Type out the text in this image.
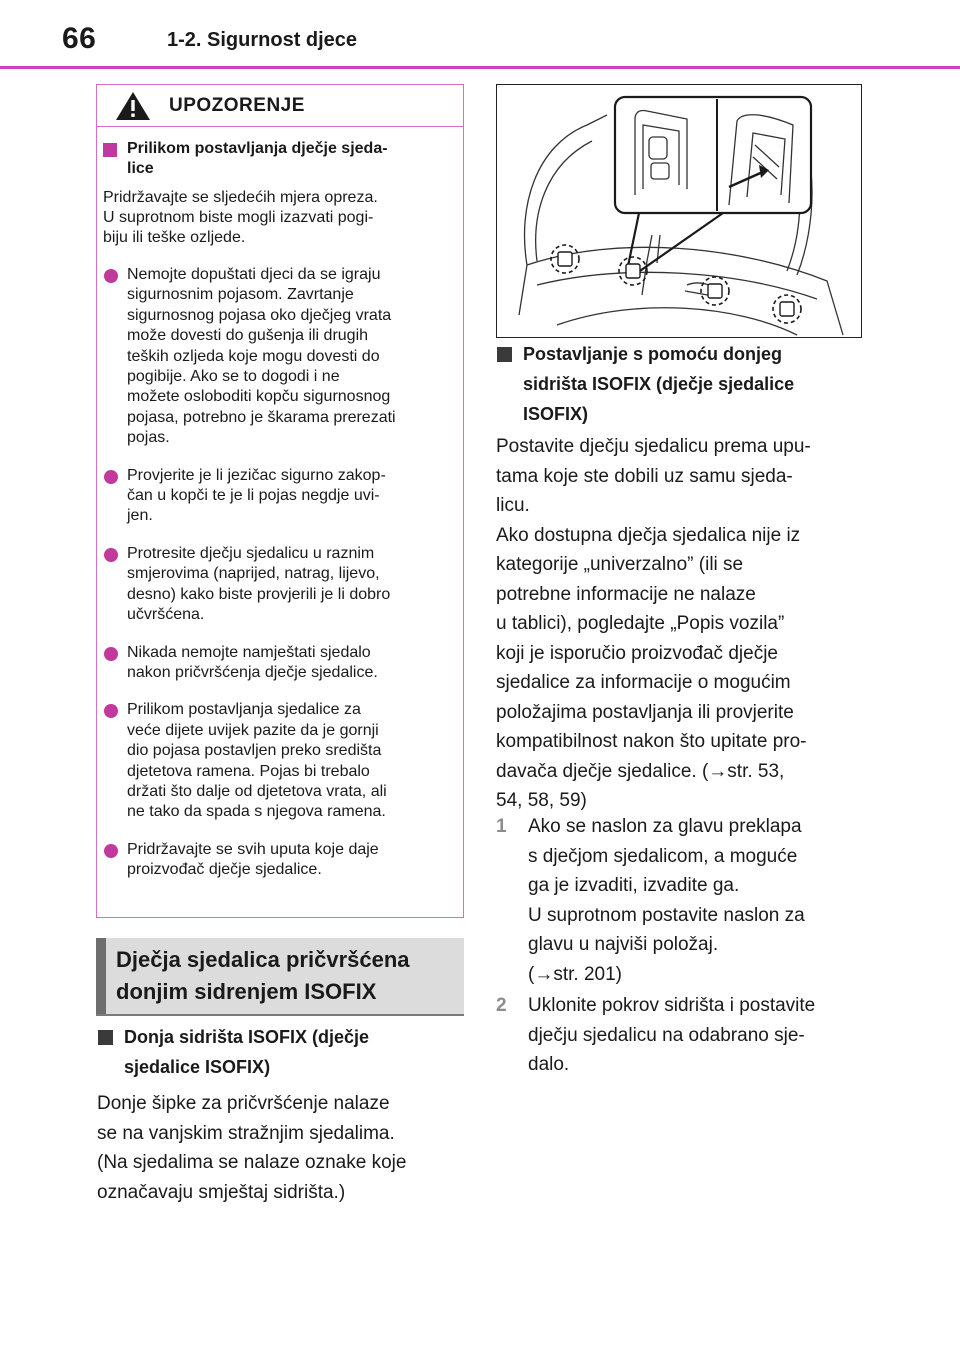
66	1-2. Sigurnost djece
UPOZORENJE
Prilikom postavljanja dječje sjeda-
lice
Pridržavajte se sljedećih mjera opreza.
U suprotnom biste mogli izazvati pogi-
biju ili teške ozljede.
Nemojte dopuštati djeci da se igraju
sigurnosnim pojasom. Zavrtanje
sigurnosnog pojasa oko dječjeg vrata
može dovesti do gušenja ili drugih
teških ozljeda koje mogu dovesti do
pogibije. Ako se to dogodi i ne
možete osloboditi kopču sigurnosnog
pojasa, potrebno je škarama prerezati
pojas.
Provjerite je li jezičac sigurno zakop-
čan u kopči te je li pojas negdje uvi-
jen.
Protresite dječju sjedalicu u raznim
smjerovima (naprijed, natrag, lijevo,
desno) kako biste provjerili je li dobro
učvršćena.
Nikada nemojte namještati sjedalo
nakon pričvršćenja dječje sjedalice.
Prilikom postavljanja sjedalice za
veće dijete uvijek pazite da je gornji
dio pojasa postavljen preko središta
djetetova ramena. Pojas bi trebalo
držati što dalje od djetetova vrata, ali
ne tako da spada s njegova ramena.
Pridržavajte se svih uputa koje daje
proizvođač dječje sjedalice.
Dječja sjedalica pričvršćena
donjim sidrenjem ISOFIX
Donja sidrišta ISOFIX (dječje
sjedalice ISOFIX)
Donje šipke za pričvršćenje nalaze
se na vanjskim stražnjim sjedalima.
(Na sjedalima se nalaze oznake koje
označavaju smještaj sidrišta.)
Postavljanje s pomoću donjeg
sidrišta ISOFIX (dječje sjedalice
ISOFIX)
Postavite dječju sjedalicu prema upu-
tama koje ste dobili uz samu sjeda-
licu.
Ako dostupna dječja sjedalica nije iz
kategorije „univerzalno” (ili se
potrebne informacije ne nalaze
u tablici), pogledajte „Popis vozila”
koji je isporučio proizvođač dječje
sjedalice za informacije o mogućim
položajima postavljanja ili provjerite
kompatibilnost nakon što upitate pro-
davača dječje sjedalice. (→str. 53,
54, 58, 59)
1 Ako se naslon za glavu preklapa
s dječjom sjedalicom, a moguće
ga je izvaditi, izvadite ga.
U suprotnom postavite naslon za
glavu u najviši položaj.
(→str. 201)
2 Uklonite pokrov sidrišta i postavite
dječju sjedalicu na odabrano sje-
dalo.
